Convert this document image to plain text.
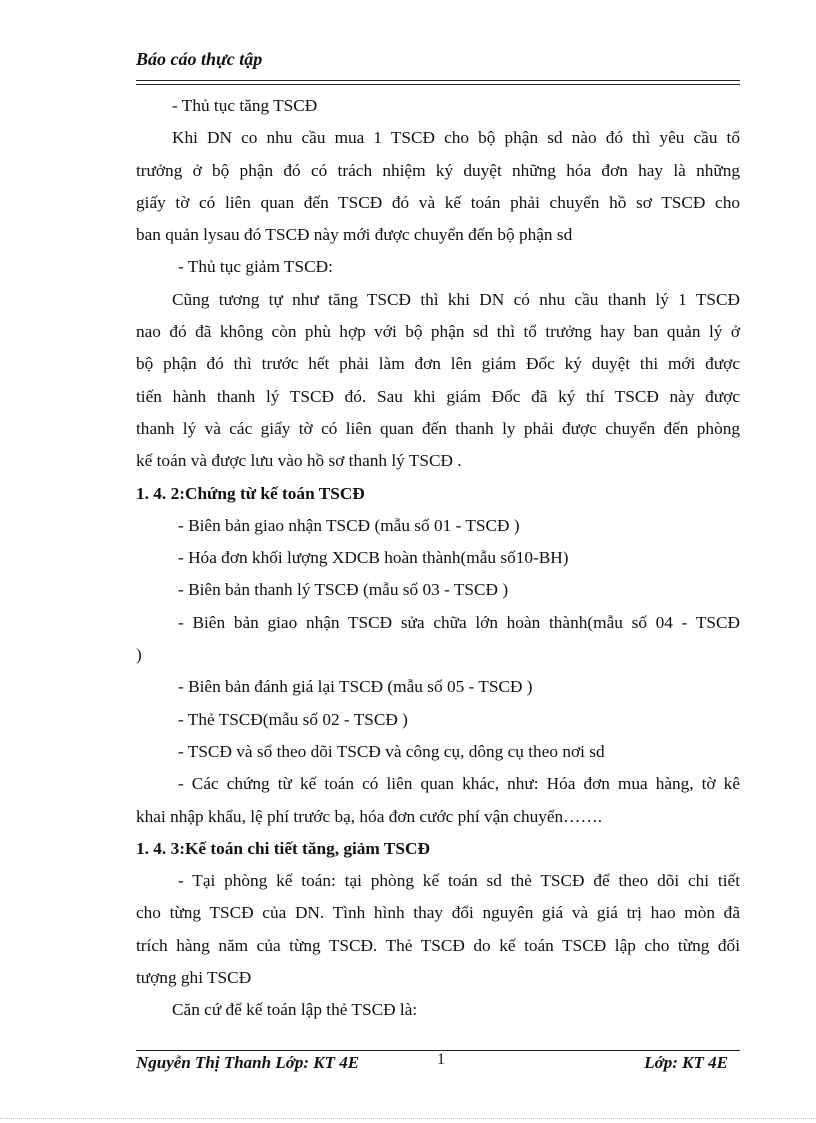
Báo cáo thực tập
- Thủ tục tăng TSCĐ
Khi DN co nhu cầu mua 1 TSCĐ cho bộ phận sd nào đó thì yêu cầu tổ
trưởng ở bộ phận đó có trách nhiệm ký duyệt những hóa đơn hay là những
giấy tờ có liên quan đến TSCĐ đó và kế toán phải chuyển hồ sơ TSCĐ cho
ban quản lysau đó TSCĐ này mới được chuyển đến bộ phận sd
- Thủ tục giảm TSCĐ:
Cũng tương tự như tăng TSCĐ thì khi DN có nhu cầu thanh lý 1 TSCĐ
nao đó đã không còn phù hợp với bộ phận sd thì tổ trưởng hay ban quản lý ở
bộ phận đó thì trước hết phải làm đơn lên giám Đốc ký duyệt thi mới được
tiến hành thanh lý TSCĐ đó. Sau khi giám Đốc đã ký thí TSCĐ này được
thanh lý và các giấy tờ có liên quan đến thanh ly phải được chuyển đến phòng
kế toán và được lưu vào hồ sơ thanh lý TSCĐ .
1. 4. 2:Chứng từ kế toán TSCĐ
- Biên bản giao nhận TSCĐ (mẫu số 01 - TSCĐ )
- Hóa đơn khối lượng XDCB hoàn thành(mẫu số10-BH)
- Biên bản thanh lý TSCĐ (mẫu số 03 - TSCĐ )
- Biên bản giao nhận TSCĐ sửa chữa lớn hoàn thành(mẫu số 04 - TSCĐ
)
- Biên bản đánh giá lại TSCĐ (mẫu số 05 - TSCĐ )
- Thẻ TSCĐ(mẫu số 02 - TSCĐ )
- TSCĐ và sổ theo dõi TSCĐ và công cụ, dông cụ theo nơi sd
- Các chứng từ kế toán có liên quan khác, như: Hóa đơn mua hàng, tờ kê
khai nhập khẩu, lệ phí trước bạ, hóa đơn cước phí vận chuyển…….
1. 4. 3:Kế toán chi tiết tăng, giảm TSCĐ
- Tại phòng kế toán: tại phòng kế toán sd thẻ TSCĐ để theo dõi chi tiết
cho từng TSCĐ của DN. Tình hình thay đổi nguyên giá và giá trị hao mòn đã
trích hàng năm của từng TSCĐ. Thẻ TSCĐ do kế toán TSCĐ lập cho từng đối
tượng ghi TSCĐ
Căn cứ để kế toán lập thẻ TSCĐ là:
Nguyễn Thị Thanh Lớp: KT 4E	1	Lớp: KT 4E
